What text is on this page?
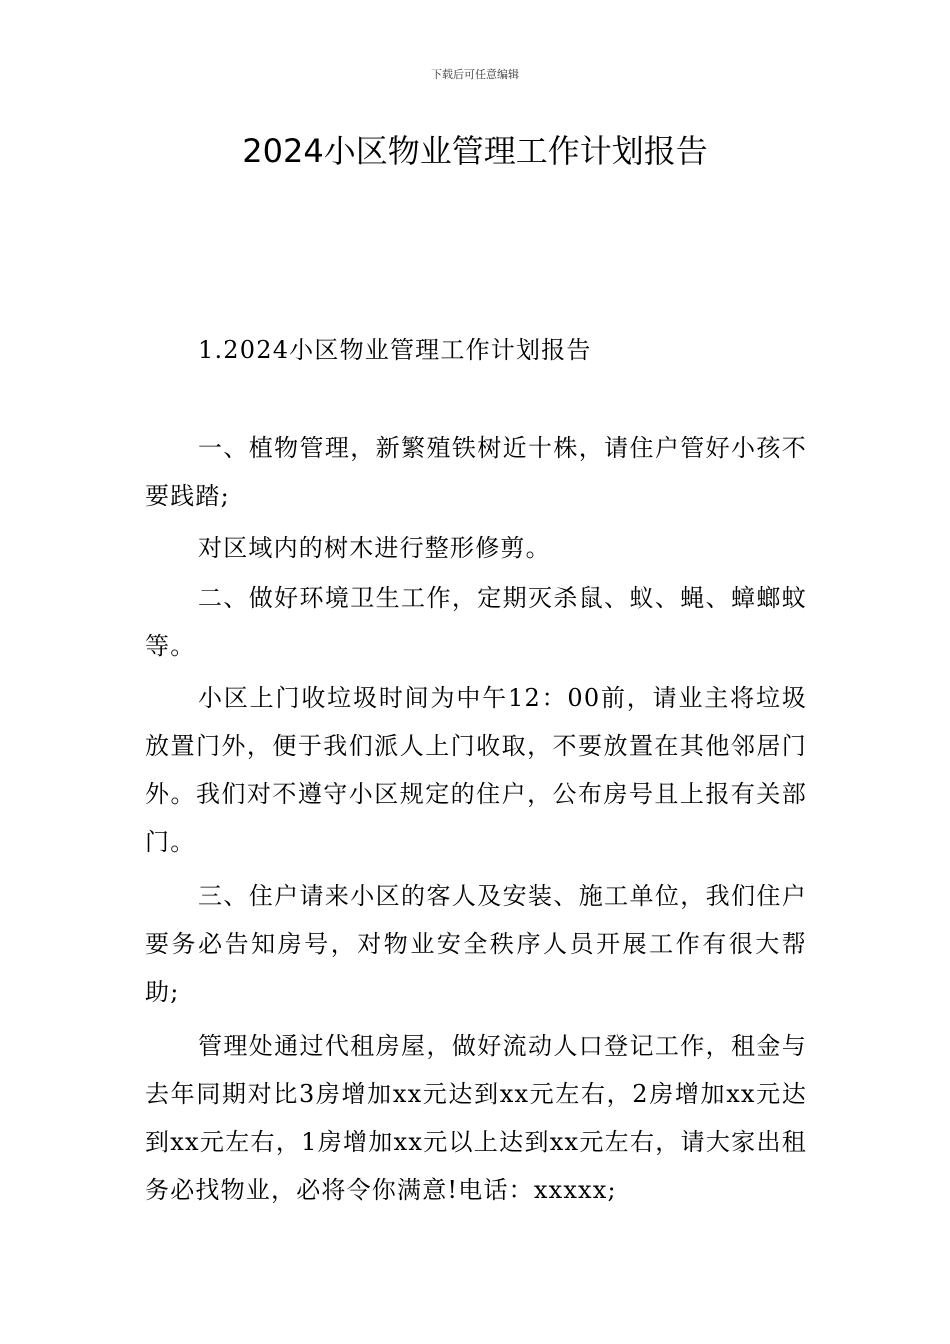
下载后可任意编辑
2024小区物业管理工作计划报告

1.2024小区物业管理工作计划报告

一、植物管理，新繁殖铁树近十株，请住户管好小孩不要践踏;

对区域内的树木进行整形修剪。

二、做好环境卫生工作，定期灭杀鼠、蚁、蝇、蟑螂蚊等。

小区上门收垃圾时间为中午12：00前，请业主将垃圾放置门外，便于我们派人上门收取，不要放置在其他邻居门外。我们对不遵守小区规定的住户，公布房号且上报有关部门。

三、住户请来小区的客人及安装、施工单位，我们住户要务必告知房号，对物业安全秩序人员开展工作有很大帮助;

管理处通过代租房屋，做好流动人口登记工作，租金与去年同期对比3房增加xx元达到xx元左右，2房增加xx元达到xx元左右，1房增加xx元以上达到xx元左右，请大家出租务必找物业，必将令你满意!电话：xxxxx;
